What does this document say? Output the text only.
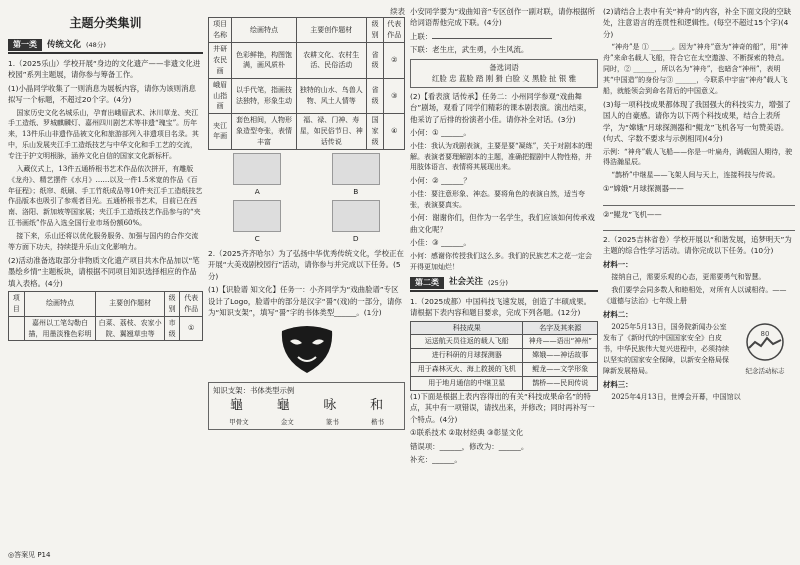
主题分类集训
第一类	传统文化 (48分)

1.（2025乐山）学校开展“身边的文化遗产——非遗文化进校园”系列主题展，请你参与筹备工作。

(1)小晶同学收集了一则消息为展板内容，请你为该则消息拟写一个标题，不超过20个字。(4分)

国家历史文化名城乐山，孕育出峨眉武术、沐川草龙、夹江手工造纸、罗城麒麟灯、嘉州四川剧艺术等非遗“瑰宝”。历年来，13件乐山非遗作品被文化和旅游部列入非遗项目名录。其中，乐山发展夹江手工造纸技艺与中华文化和手工艺的交流，专注于护文明根脉，涵养文化自信的国家文化新标杆。

入藏仪式上，13件五通桥根书艺术作品依次拼开，有雕版《龙舟》、精艺摆件《水月》……以及一件1.5米宽的作品《百年征程》；纸帘、纸刷、手工竹纸成品等10件夹江手工造纸技艺作品版本也吸引了参观者目光。五通桥根书艺术，目前已在西南、洛阳、新加坡等国家展；夹江手工造纸技艺作品参与的“夹江书画纸”作品入选全国行业市场份额60%。

接下来，乐山还将以优化服务服务、加强与国内的合作交流等方面下功夫，持续提升乐山文化影响力。

(2)活动准备选取部分非物质文化遗产项目共木作品加以“笔墨绘乡情”主题板块，请根据不同项目知识选择相应的作品填入表格。(4分)

项目	绘画特点	主要创作题材	级别	代表作品
	嘉州以工笔勾勒白描，用墨淡雅色彩明	白菜、荔枝、农家小院、翼翘草虫等	市级	①
续表
项目名称	绘画特点	主要创作题材	级别	代表作品
井研农民画	色彩鲜艳，构图饱满，画风质朴	农耕文化、农村生活、民俗活动	省级	②
峨眉山指画	以手代笔，指画技法独特，形象生动	独特的山水、鸟兽人物、风土人情等	省级	③
夹江年画	套色相间，人物形象造型夸张，表情丰富	福、禄、门神、寿星，如民俗节日、神话传说	国家级	④
A	B
C	D

2.（2025齐齐哈尔）为了弘扬中华优秀传统文化，学校正在开展“大美戏剧校园行”活动，请你参与并完成以下任务。(5分)

(1)【识脸谱 知文化】任务一：小齐同学为“戏曲脸谱”专区设计了Logo，脸谱中的部分是汉字“䛐”(戏)的一部分，请你为“知识支架”，填写“䛐”字的书体类型______。(1分)

知识支架：书体类型示例
龜	龜	咏	和
甲骨文	金文	篆书	楷书

小安同学要为“戏曲知音”专区创作一副对联，请你根据所给词语帮他完成下联。(4分)

上联：

下联：老生庄，武生勇，小生风流。

备选词语
红脸 忠 蓝脸 踏 刚 猾 白脸 义 黑脸 扯 银 雅

(2)【看表演 话传承】任务二：小州同学参观“戏曲舞台”剧场，观看了同学们精彩的课本剧表演。演出结束，他采访了后排的扮演者小佳。请你补全对话。(3分)

小何：① ______。

小佳：我认为戏剧表演，主要是要“凝练”，关于对剧本的理解。表演者要理解剧本的主题，准确把握剧中人物性格，并用肢体语言、表情将其展现出来。

小何：② ______？

小佳：要注意形象、神态。要将角色的表演自然，适当夸张，表演要真实。

小何：谢谢你们，但作为一名学生，我们应该如何传承戏曲文化呢？

小佳：③ ______。

小何：感谢你传授我们这么多。我们的民族艺术之花一定会开得更加灿烂！

第二类	社会关注 (25分)

1.（2025成都）中国科技飞速发展，创造了丰硕成果。请根据下表内容和题目要求，完成下列各题。(12分)

科技成果	名字及其来源
运送航天员往返的载人飞船	神舟——语出“神州”
进行科研的月球探测器	嫦娥——神话故事
用于森林灭火、海上救援的飞机	鲲龙——文学形象
用于地月通信的中继卫星	鹊桥——民间传说

(1)下面是根据上表内容得出的有关“科技成果命名”的特点，其中有一项错误，请找出来，并修改；同时再补写一个特点。(4分)

①联系技术 ②取材经典 ③彰显文化

错误项：______，修改为：______。

补充：______。

(2)请结合上表中有关“神舟”的内容，补全下面文段的空缺处，注意语言的连贯性和逻辑性。(每空不超过15个字)(4分)

“神舟”是 ① ______。因为“神舟”意为“神奇的船”，用“神舟”来命名载人飞船，符合它在太空遨游、不断探索的特点。同时，② ______，所以名为“神舟”，也暗含“神州”，表明其“中国造”的身份与③ ______，今联系中宇宙“神舟”载人飞船，就能领会到命名背后的中国意义。

(3)每一项科技成果都体现了我国强大的科技实力，增强了国人的自豪感。请你为以下两个科技成果，结合上表所学，为“嫦娥”月球探测器和“鲲龙”飞机各写一句赞美语。(句式、字数不要求与示例相同)(4分)

示例：“神舟”载人飞船——你是一叶扁舟，满载国人期待，驶得浩瀚星辰。

“鹊桥”中继星——飞架人间与天上，连接科技与传说。

①“嫦娥”月球探测器——

②“鲲龙”飞机——

2.（2025吉林省卷）学校开展以“和谐发展，追梦明天”为主题的综合性学习活动。请你完成以下任务。(10分)

材料一：

接纳自己，需要乐观的心态，更需要勇气和智慧。

我们要学会同多数人和睦相处，对所有人以诚相待。——《道德与法治》七年级上册

材料二：

2025年5月13日，国务院新闻办公室发布了《新时代的中国国家安全》白皮书，中华民族伟大复兴进程中，必须持续以坚实的国家安全保障，以新安全格局保障新发展格局。

80
纪念活动标志

材料三：

2025年4月13日，世博会开幕，中国馆以

◎答案见 P14
